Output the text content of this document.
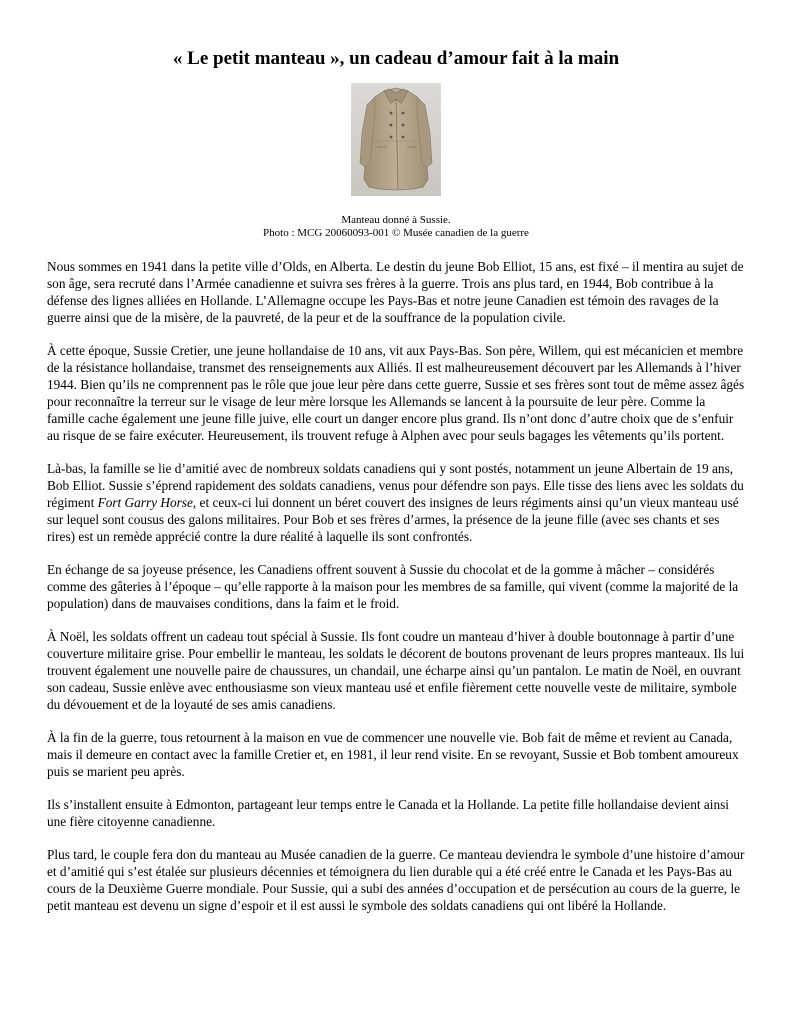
« Le petit manteau », un cadeau d’amour fait à la main
Manteau donné à Sussie.
Photo : MCG 20060093-001 © Musée canadien de la guerre

Nous sommes en 1941 dans la petite ville d’Olds, en Alberta. Le destin du jeune Bob Elliot, 15 ans, est fixé – il mentira au sujet de son âge, sera recruté dans l’Armée canadienne et suivra ses frères à la guerre. Trois ans plus tard, en 1944, Bob contribue à la défense des lignes alliées en Hollande. L’Allemagne occupe les Pays-Bas et notre jeune Canadien est témoin des ravages de la guerre ainsi que de la misère, de la pauvreté, de la peur et de la souffrance de la population civile.

À cette époque, Sussie Cretier, une jeune hollandaise de 10 ans, vit aux Pays-Bas. Son père, Willem, qui est mécanicien et membre de la résistance hollandaise, transmet des renseignements aux Alliés. Il est malheureusement découvert par les Allemands à l’hiver 1944. Bien qu’ils ne comprennent pas le rôle que joue leur père dans cette guerre, Sussie et ses frères sont tout de même assez âgés pour reconnaître la terreur sur le visage de leur mère lorsque les Allemands se lancent à la poursuite de leur père. Comme la famille cache également une jeune fille juive, elle court un danger encore plus grand. Ils n’ont donc d’autre choix que de s’enfuir au risque de se faire exécuter. Heureusement, ils trouvent refuge à Alphen avec pour seuls bagages les vêtements qu’ils portent.

Là-bas, la famille se lie d’amitié avec de nombreux soldats canadiens qui y sont postés, notamment un jeune Albertain de 19 ans, Bob Elliot. Sussie s’éprend rapidement des soldats canadiens, venus pour défendre son pays. Elle tisse des liens avec les soldats du régiment Fort Garry Horse, et ceux-ci lui donnent un béret couvert des insignes de leurs régiments ainsi qu’un vieux manteau usé sur lequel sont cousus des galons militaires. Pour Bob et ses frères d’armes, la présence de la jeune fille (avec ses chants et ses rires) est un remède apprécié contre la dure réalité à laquelle ils sont confrontés.

En échange de sa joyeuse présence, les Canadiens offrent souvent à Sussie du chocolat et de la gomme à mâcher – considérés comme des gâteries à l’époque – qu’elle rapporte à la maison pour les membres de sa famille, qui vivent (comme la majorité de la population) dans de mauvaises conditions, dans la faim et le froid.

À Noël, les soldats offrent un cadeau tout spécial à Sussie. Ils font coudre un manteau d’hiver à double boutonnage à partir d’une couverture militaire grise. Pour embellir le manteau, les soldats le décorent de boutons provenant de leurs propres manteaux. Ils lui trouvent également une nouvelle paire de chaussures, un chandail, une écharpe ainsi qu’un pantalon. Le matin de Noël, en ouvrant son cadeau, Sussie enlève avec enthousiasme son vieux manteau usé et enfile fièrement cette nouvelle veste de militaire, symbole du dévouement et de la loyauté de ses amis canadiens.

À la fin de la guerre, tous retournent à la maison en vue de commencer une nouvelle vie. Bob fait de même et revient au Canada, mais il demeure en contact avec la famille Cretier et, en 1981, il leur rend visite. En se revoyant, Sussie et Bob tombent amoureux puis se marient peu après.

Ils s’installent ensuite à Edmonton, partageant leur temps entre le Canada et la Hollande. La petite fille hollandaise devient ainsi une fière citoyenne canadienne.

Plus tard, le couple fera don du manteau au Musée canadien de la guerre. Ce manteau deviendra le symbole d’une histoire d’amour et d’amitié qui s’est étalée sur plusieurs décennies et témoignera du lien durable qui a été créé entre le Canada et les Pays-Bas au cours de la Deuxième Guerre mondiale. Pour Sussie, qui a subi des années d’occupation et de persécution au cours de la guerre, le petit manteau est devenu un signe d’espoir et il est aussi le symbole des soldats canadiens qui ont libéré la Hollande.
